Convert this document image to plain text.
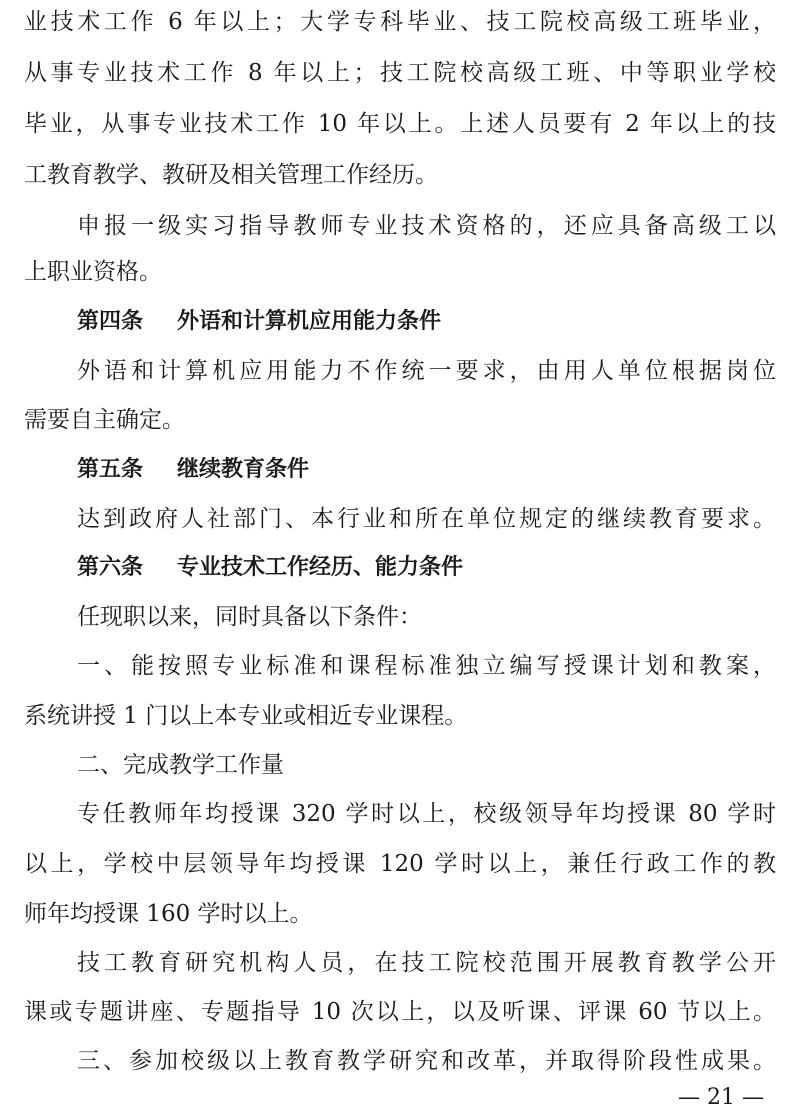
业技术工作 6 年以上；大学专科毕业、技工院校高级工班毕业，
从事专业技术工作 8 年以上；技工院校高级工班、中等职业学校
毕业，从事专业技术工作 10 年以上。上述人员要有 2 年以上的技
工教育教学、教研及相关管理工作经历。
申报一级实习指导教师专业技术资格的，还应具备高级工以
上职业资格。
第四条 外语和计算机应用能力条件
外语和计算机应用能力不作统一要求，由用人单位根据岗位
需要自主确定。
第五条 继续教育条件
达到政府人社部门、本行业和所在单位规定的继续教育要求。
第六条 专业技术工作经历、能力条件
任现职以来，同时具备以下条件：
一、能按照专业标准和课程标准独立编写授课计划和教案，
系统讲授 1 门以上本专业或相近专业课程。
二、完成教学工作量
专任教师年均授课 320 学时以上，校级领导年均授课 80 学时
以上，学校中层领导年均授课 120 学时以上，兼任行政工作的教
师年均授课 160 学时以上。
技工教育研究机构人员，在技工院校范围开展教育教学公开
课或专题讲座、专题指导 10 次以上，以及听课、评课 60 节以上。
三、参加校级以上教育教学研究和改革，并取得阶段性成果。
— 21 —
